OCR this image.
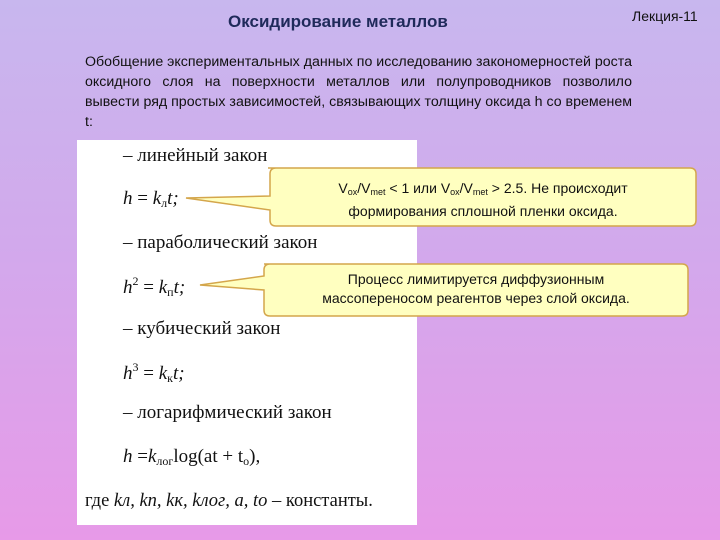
Оксидирование металлов	Лекция-11
Обобщение экспериментальных данных по исследованию закономерностей роста оксидного слоя на поверхности металлов или полупроводников позволило вывести ряд простых зависимостей, связывающих толщину оксида h со временем t:
– линейный закон
$h = k_лt$;
– параболический закон
$h^2 = k_пt$;
– кубический закон
$h^3 = k_кt$;
– логарифмический закон
$h =k_{лог}\log(at + t_o)$,
где kл, kп, kк, kлог, a, to – константы.
$V_{ox}/V_{met} < 1$ или $V_{ox}/V_{met} > 2.5$. Не происходит
формирования сплошной пленки оксида.
Процесс лимитируется диффузионным
массопереносом реагентов через слой оксида.
